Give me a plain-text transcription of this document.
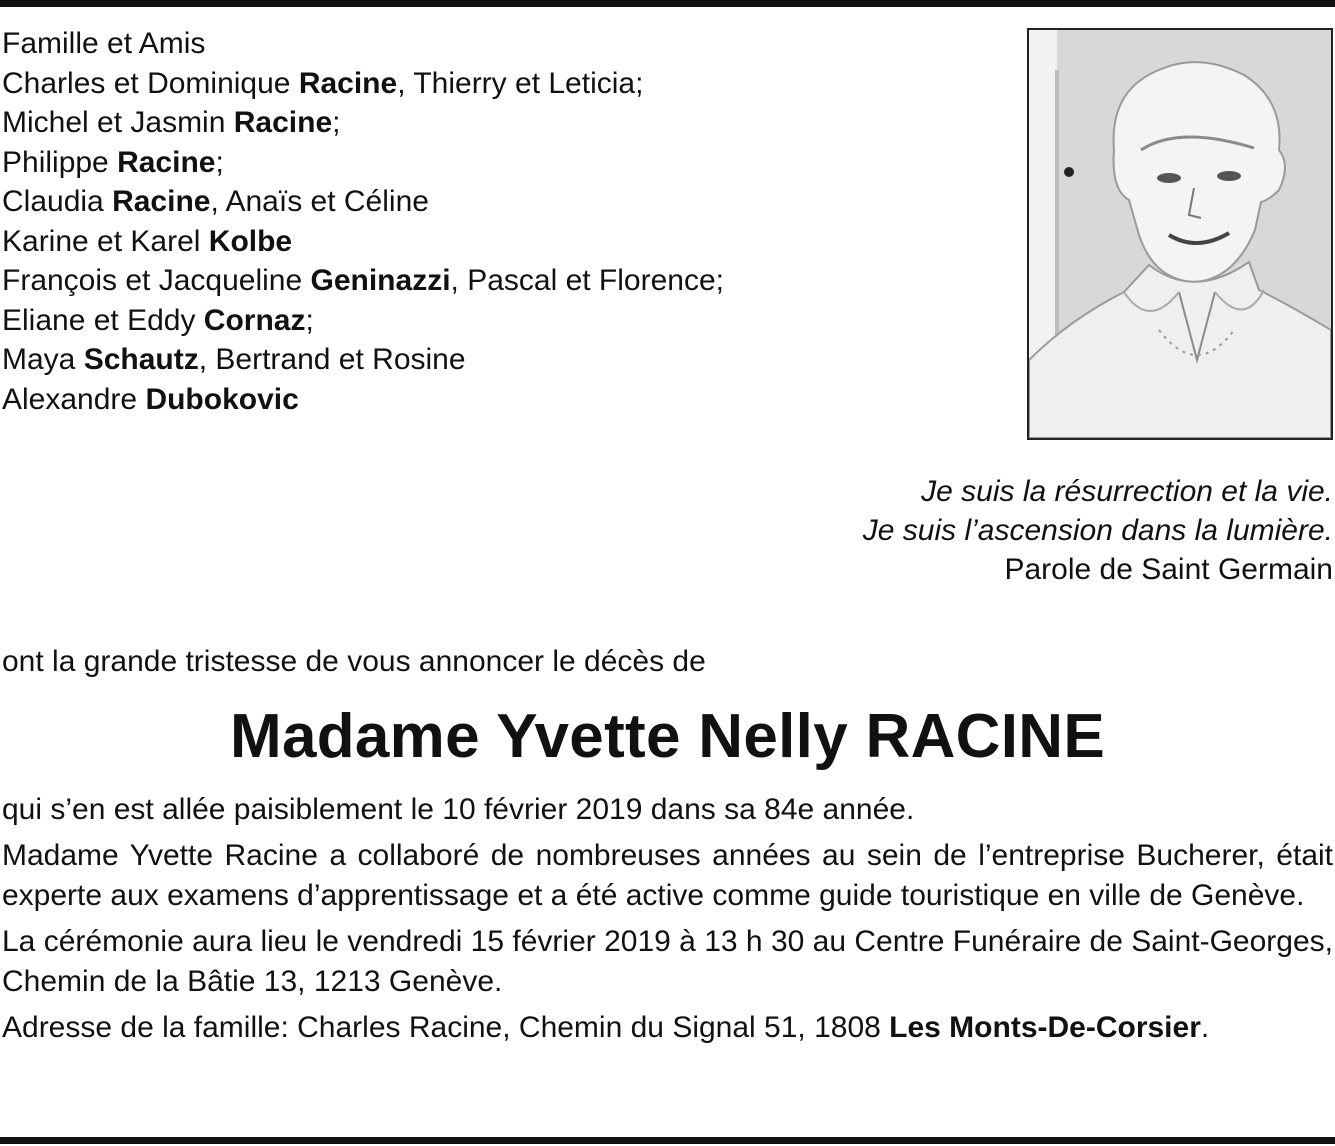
Famille et Amis
Charles et Dominique Racine, Thierry et Leticia;
Michel et Jasmin Racine;
Philippe Racine;
Claudia Racine, Anaïs et Céline
Karine et Karel Kolbe
François et Jacqueline Geninazzi, Pascal et Florence;
Eliane et Eddy Cornaz;
Maya Schautz, Bertrand et Rosine
Alexandre Dubokovic
Je suis la résurrection et la vie.
Je suis l’ascension dans la lumière.
Parole de Saint Germain
ont la grande tristesse de vous annoncer le décès de
Madame Yvette Nelly RACINE

qui s’en est allée paisiblement le 10 février 2019 dans sa 84e année.

Madame Yvette Racine a collaboré de nombreuses années au sein de l’entreprise Bucherer, était experte aux examens d’apprentissage et a été active comme guide touristique en ville de Genève.

La cérémonie aura lieu le vendredi 15 février 2019 à 13 h 30 au Centre Funéraire de Saint-Georges, Chemin de la Bâtie 13, 1213 Genève.

Adresse de la famille: Charles Racine, Chemin du Signal 51, 1808 Les Monts-De-Corsier.
